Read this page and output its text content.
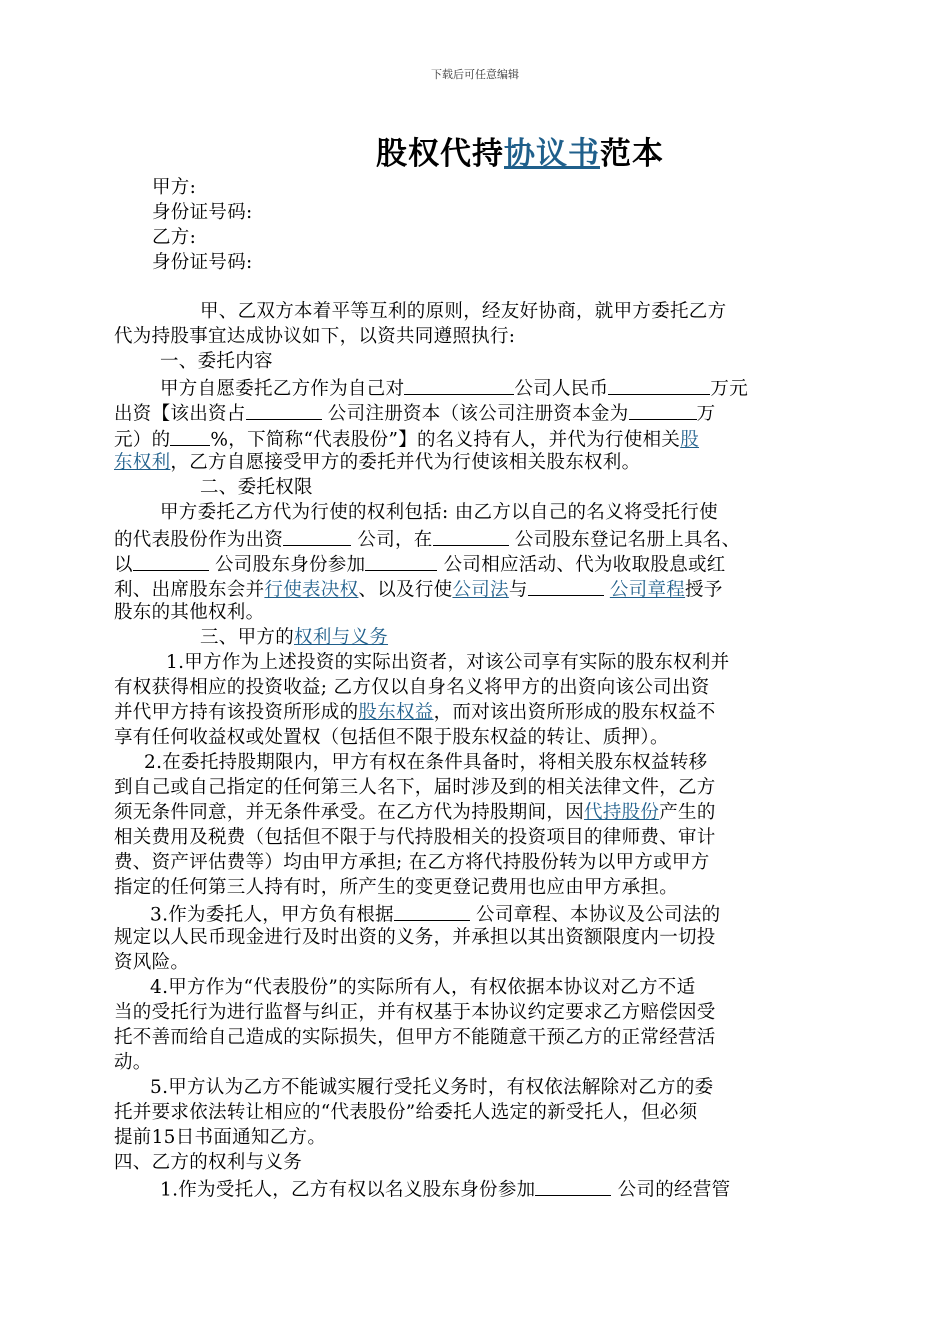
下载后可任意编辑
股权代持协议书范本
甲方:
身份证号码:
乙方:
身份证号码:
甲、乙双方本着平等互利的原则，经友好协商，就甲方委托乙方
代为持股事宜达成协议如下，以资共同遵照执行:
一、委托内容
甲方自愿委托乙方作为自己对	公司人民币	万元
出资【该出资占	公司注册资本（该公司注册资本金为	万
元）的 %，下简称“代表股份”】的名义持有人，并代为行使相关股
东权利，乙方自愿接受甲方的委托并代为行使该相关股东权利。
二、委托权限
甲方委托乙方代为行使的权利包括: 由乙方以自己的名义将受托行使
的代表股份作为出资	公司，在	公司股东登记名册上具名、
以	公司股东身份参加	公司相应活动、代为收取股息或红
利、出席股东会并行使表决权、以及行使公司法与	公司章程授予
股东的其他权利。
三、甲方的权利与义务
1.甲方作为上述投资的实际出资者，对该公司享有实际的股东权利并
有权获得相应的投资收益; 乙方仅以自身名义将甲方的出资向该公司出资
并代甲方持有该投资所形成的股东权益，而对该出资所形成的股东权益不
享有任何收益权或处置权（包括但不限于股东权益的转让、质押）。
2.在委托持股期限内，甲方有权在条件具备时，将相关股东权益转移
到自己或自己指定的任何第三人名下，届时涉及到的相关法律文件，乙方
须无条件同意，并无条件承受。在乙方代为持股期间，因代持股份产生的
相关费用及税费（包括但不限于与代持股相关的投资项目的律师费、审计
费、资产评估费等）均由甲方承担; 在乙方将代持股份转为以甲方或甲方
指定的任何第三人持有时，所产生的变更登记费用也应由甲方承担。
3.作为委托人，甲方负有根据	公司章程、本协议及公司法的
规定以人民币现金进行及时出资的义务，并承担以其出资额限度内一切投
资风险。
4.甲方作为“代表股份”的实际所有人，有权依据本协议对乙方不适
当的受托行为进行监督与纠正，并有权基于本协议约定要求乙方赔偿因受
托不善而给自己造成的实际损失，但甲方不能随意干预乙方的正常经营活
动。
5.甲方认为乙方不能诚实履行受托义务时，有权依法解除对乙方的委
托并要求依法转让相应的“代表股份”给委托人选定的新受托人，但必须
提前15日书面通知乙方。
四、乙方的权利与义务
1.作为受托人，乙方有权以名义股东身份参加	公司的经营管
